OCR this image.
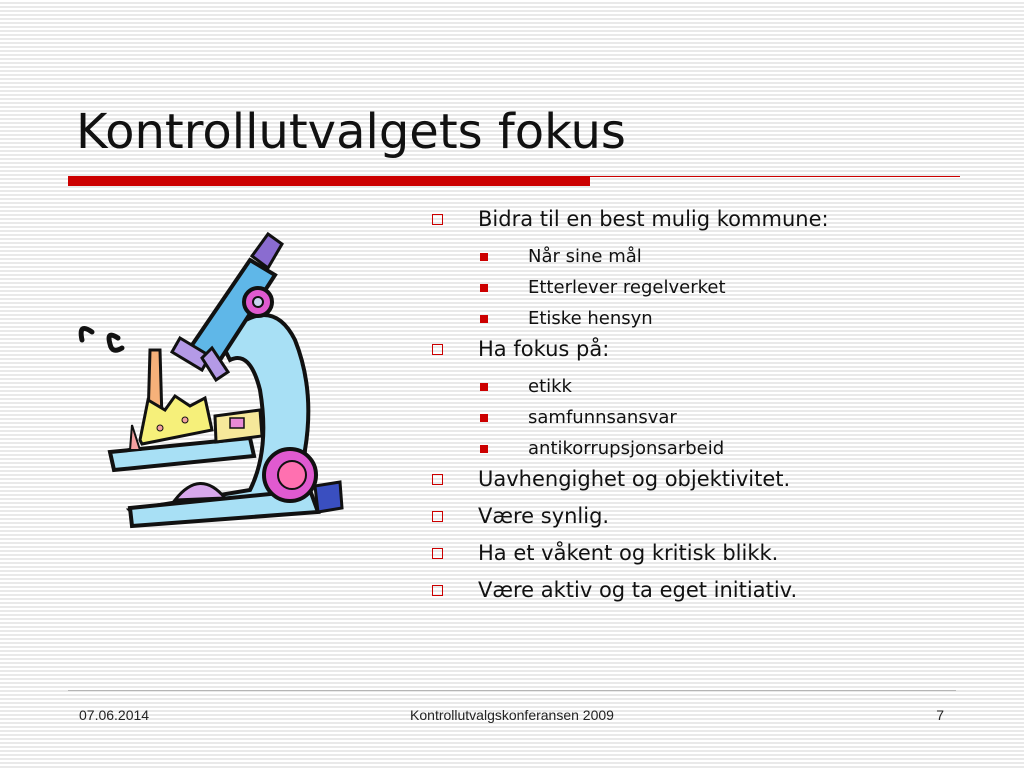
Kontrollutvalgets fokus
Bidra til en best mulig kommune:
Når sine mål
Etterlever regelverket
Etiske hensyn
Ha fokus på:
etikk
samfunnsansvar
antikorrupsjonsarbeid
Uavhengighet og objektivitet.
Være synlig.
Ha et våkent og kritisk blikk.
Være aktiv og ta eget initiativ.
07.06.2014	Kontrollutvalgskonferansen 2009	7
